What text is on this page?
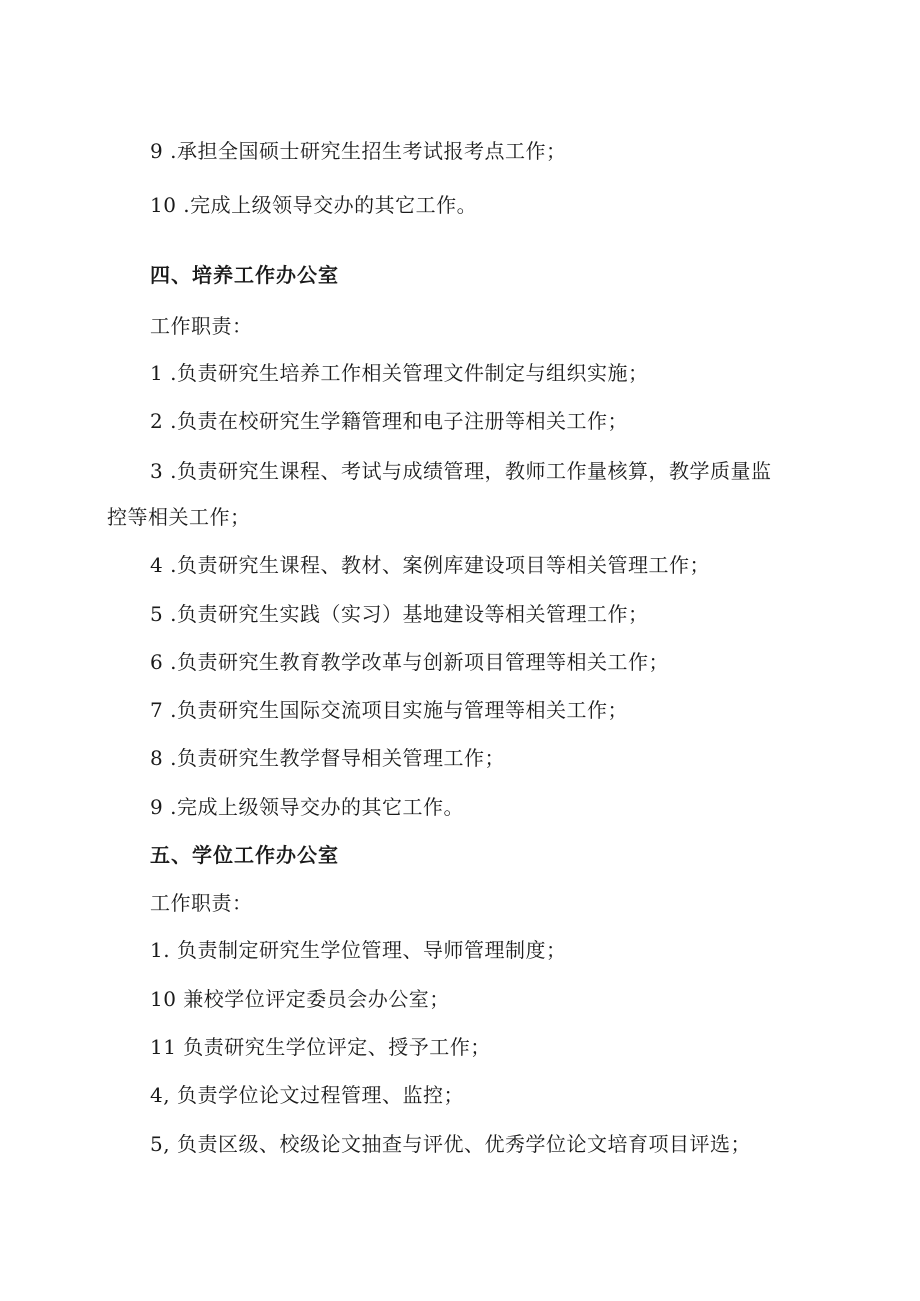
9 .承担全国硕士研究生招生考试报考点工作；
10 .完成上级领导交办的其它工作。
四、培养工作办公室
工作职责：
1 .负责研究生培养工作相关管理文件制定与组织实施；
2 .负责在校研究生学籍管理和电子注册等相关工作；
3 .负责研究生课程、考试与成绩管理，教师工作量核算，教学质量监
控等相关工作；
4 .负责研究生课程、教材、案例库建设项目等相关管理工作；
5 .负责研究生实践（实习）基地建设等相关管理工作；
6 .负责研究生教育教学改革与创新项目管理等相关工作；
7 .负责研究生国际交流项目实施与管理等相关工作；
8 .负责研究生教学督导相关管理工作；
9 .完成上级领导交办的其它工作。
五、学位工作办公室
工作职责：
1. 负责制定研究生学位管理、导师管理制度；
10 兼校学位评定委员会办公室；
11 负责研究生学位评定、授予工作；
4, 负责学位论文过程管理、监控；
5, 负责区级、校级论文抽查与评优、优秀学位论文培育项目评选；
